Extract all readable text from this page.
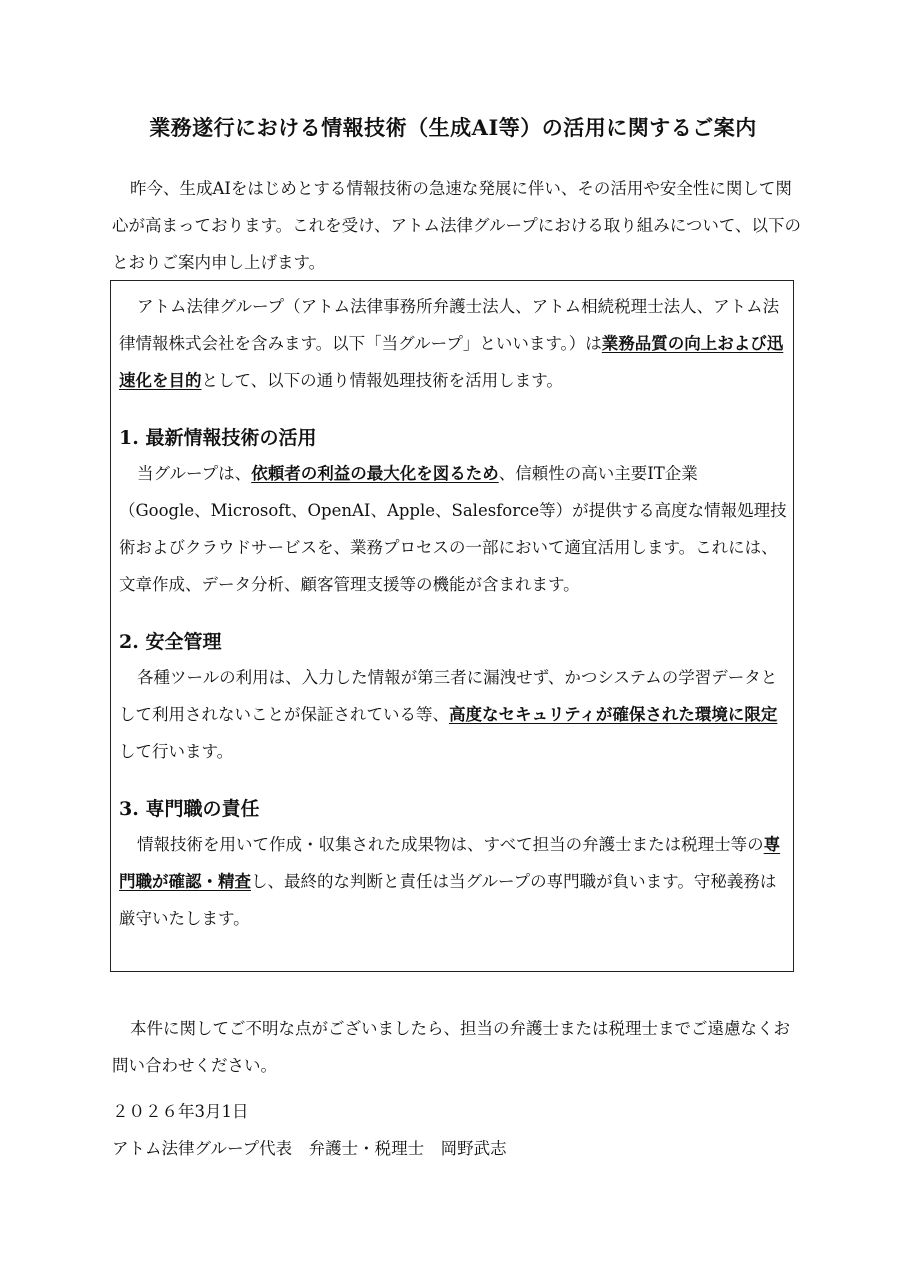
業務遂行における情報技術（生成AI等）の活用に関するご案内
昨今、生成AIをはじめとする情報技術の急速な発展に伴い、その活用や安全性に関して関心が高まっております。これを受け、アトム法律グループにおける取り組みについて、以下のとおりご案内申し上げます。
アトム法律グループ（アトム法律事務所弁護士法人、アトム相続税理士法人、アトム法律情報株式会社を含みます。以下「当グループ」といいます。）は業務品質の向上および迅速化を目的として、以下の通り情報処理技術を活用します。
1. 最新情報技術の活用
当グループは、依頼者の利益の最大化を図るため、信頼性の高い主要IT企業（Google、Microsoft、OpenAI、Apple、Salesforce等）が提供する高度な情報処理技術およびクラウドサービスを、業務プロセスの一部において適宜活用します。これには、文章作成、データ分析、顧客管理支援等の機能が含まれます。
2. 安全管理
各種ツールの利用は、入力した情報が第三者に漏洩せず、かつシステムの学習データとして利用されないことが保証されている等、高度なセキュリティが確保された環境に限定して行います。
3. 専門職の責任
情報技術を用いて作成・収集された成果物は、すべて担当の弁護士または税理士等の専門職が確認・精査し、最終的な判断と責任は当グループの専門職が負います。守秘義務は厳守いたします。
本件に関してご不明な点がございましたら、担当の弁護士または税理士までご遠慮なくお問い合わせください。
２０２６年3月1日
アトム法律グループ代表　弁護士・税理士　岡野武志
